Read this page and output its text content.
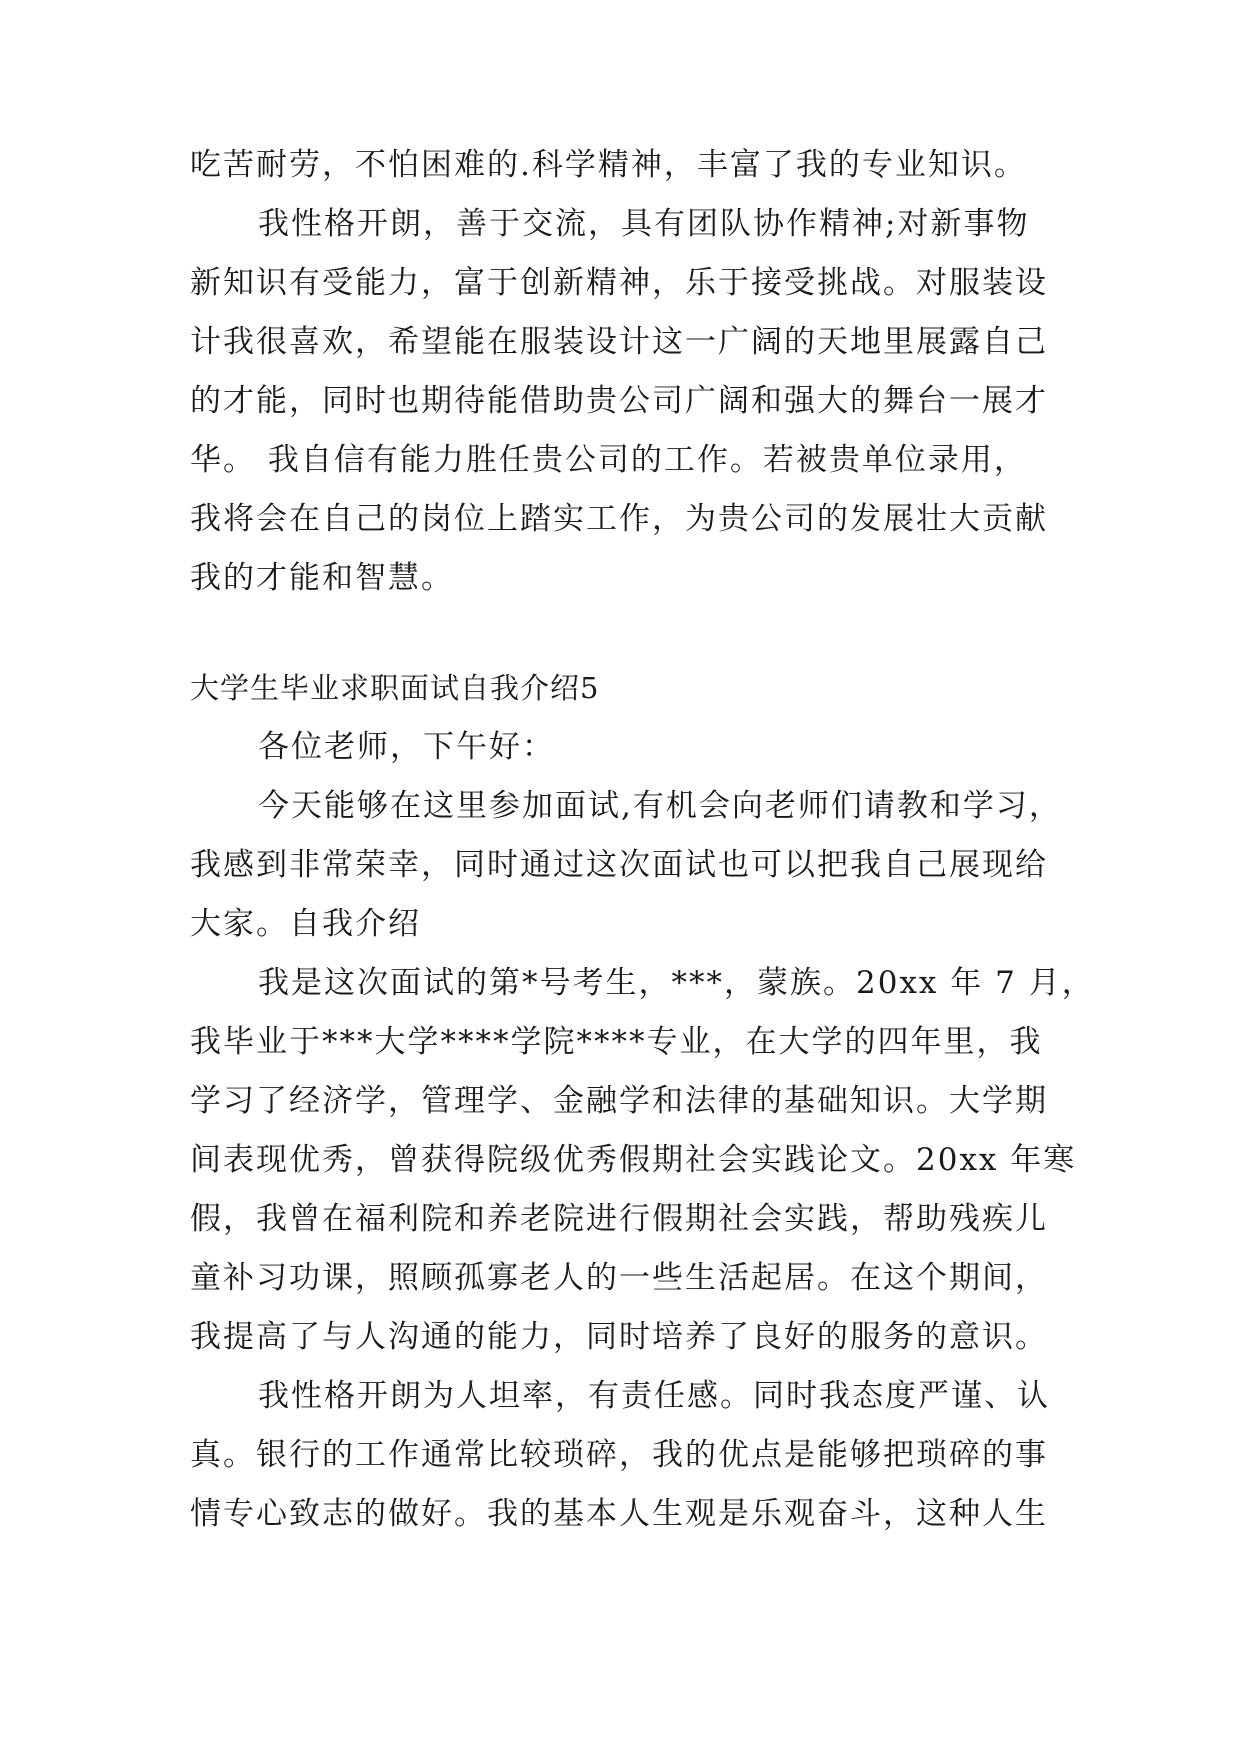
吃苦耐劳，不怕困难的.科学精神，丰富了我的专业知识。
我性格开朗，善于交流，具有团队协作精神;对新事物
新知识有受能力，富于创新精神，乐于接受挑战。对服装设
计我很喜欢，希望能在服装设计这一广阔的天地里展露自己
的才能，同时也期待能借助贵公司广阔和强大的舞台一展才
华。 我自信有能力胜任贵公司的工作。若被贵单位录用，
我将会在自己的岗位上踏实工作，为贵公司的发展壮大贡献
我的才能和智慧。
大学生毕业求职面试自我介绍5
各位老师，下午好：
今天能够在这里参加面试,有机会向老师们请教和学习，
我感到非常荣幸，同时通过这次面试也可以把我自己展现给
大家。自我介绍
我是这次面试的第*号考生，***，蒙族。20xx 年 7 月，
我毕业于***大学****学院****专业，在大学的四年里，我
学习了经济学，管理学、金融学和法律的基础知识。大学期
间表现优秀，曾获得院级优秀假期社会实践论文。20xx 年寒
假，我曾在福利院和养老院进行假期社会实践，帮助残疾儿
童补习功课，照顾孤寡老人的一些生活起居。在这个期间，
我提高了与人沟通的能力，同时培养了良好的服务的意识。
我性格开朗为人坦率，有责任感。同时我态度严谨、认
真。银行的工作通常比较琐碎，我的优点是能够把琐碎的事
情专心致志的做好。我的基本人生观是乐观奋斗，这种人生
